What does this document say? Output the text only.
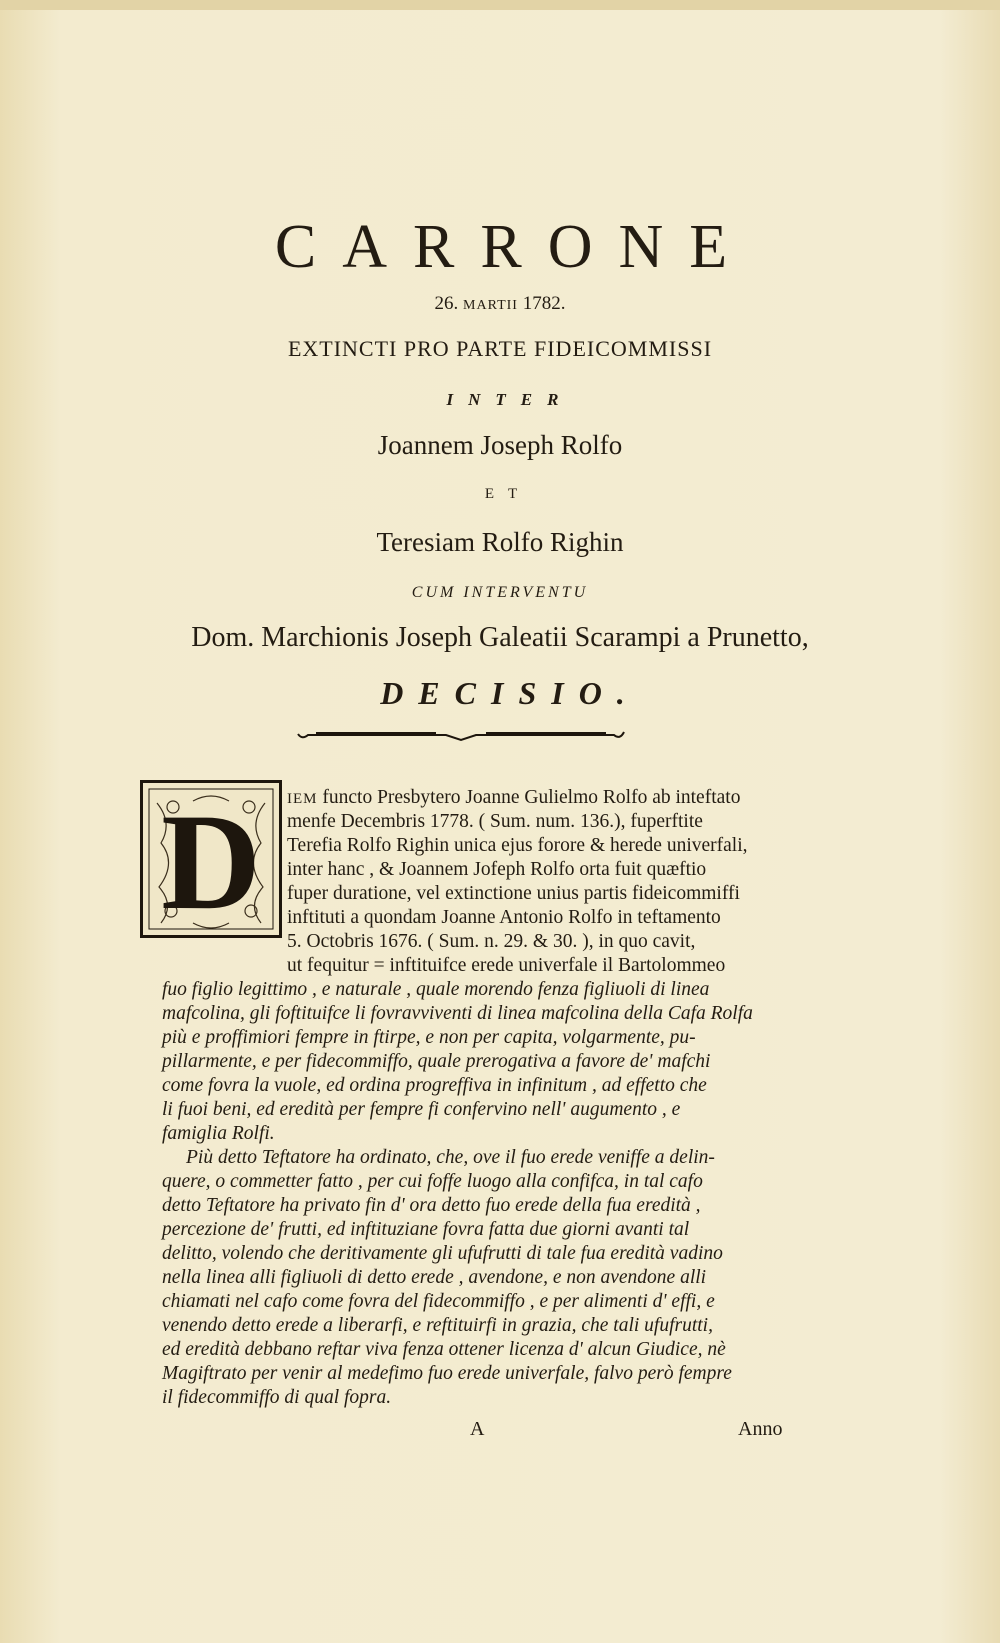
CARRONE
26. MARTII 1782.
EXTINCTI PRO PARTE FIDEICOMMISSI
INTER
Joannem Joseph Rolfo
ET
Teresiam Rolfo Righin
CUM INTERVENTU
Dom. Marchionis Joseph Galeatii Scarampi a Prunetto,
DECISIO.
D	IEM functo Presbytero Joanne Gulielmo Rolfo ab inteftato
menfe Decembris 1778. ( Sum. num. 136.), fuperftite
Terefia Rolfo Righin unica ejus forore & herede univerfali,
inter hanc , & Joannem Jofeph Rolfo orta fuit quæftio
fuper duratione, vel extinctione unius partis fideicommiffi
inftituti a quondam Joanne Antonio Rolfo in teftamento
5. Octobris 1676. ( Sum. n. 29. & 30. ), in quo cavit,
ut fequitur = inftituifce erede univerfale il Bartolommeo
fuo figlio legittimo , e naturale , quale morendo fenza figliuoli di linea
mafcolina, gli foftituifce li fovravviventi di linea mafcolina della Cafa Rolfa
più e proffimiori fempre in ftirpe, e non per capita, volgarmente, pu-
pillarmente, e per fidecommiffo, quale prerogativa a favore de' mafchi
come fovra la vuole, ed ordina progreffiva in infinitum , ad effetto che
li fuoi beni, ed eredità per fempre fi confervino nell' augumento , e
famiglia Rolfi.
Più detto Teftatore ha ordinato, che, ove il fuo erede veniffe a delin-
quere, o commetter fatto , per cui foffe luogo alla confifca, in tal cafo
detto Teftatore ha privato fin d' ora detto fuo erede della fua eredità ,
percezione de' frutti, ed inftituziane fovra fatta due giorni avanti tal
delitto, volendo che deritivamente gli ufufrutti di tale fua eredità vadino
nella linea alli figliuoli di detto erede , avendone, e non avendone alli
chiamati nel cafo come fovra del fidecommiffo , e per alimenti d' effi, e
venendo detto erede a liberarfi, e reftituirfi in grazia, che tali ufufrutti,
ed eredità debbano reftar viva fenza ottener licenza d' alcun Giudice, nè
Magiftrato per venir al medefimo fuo erede univerfale, falvo però fempre
il fidecommiffo di qual fopra.
A	Anno
